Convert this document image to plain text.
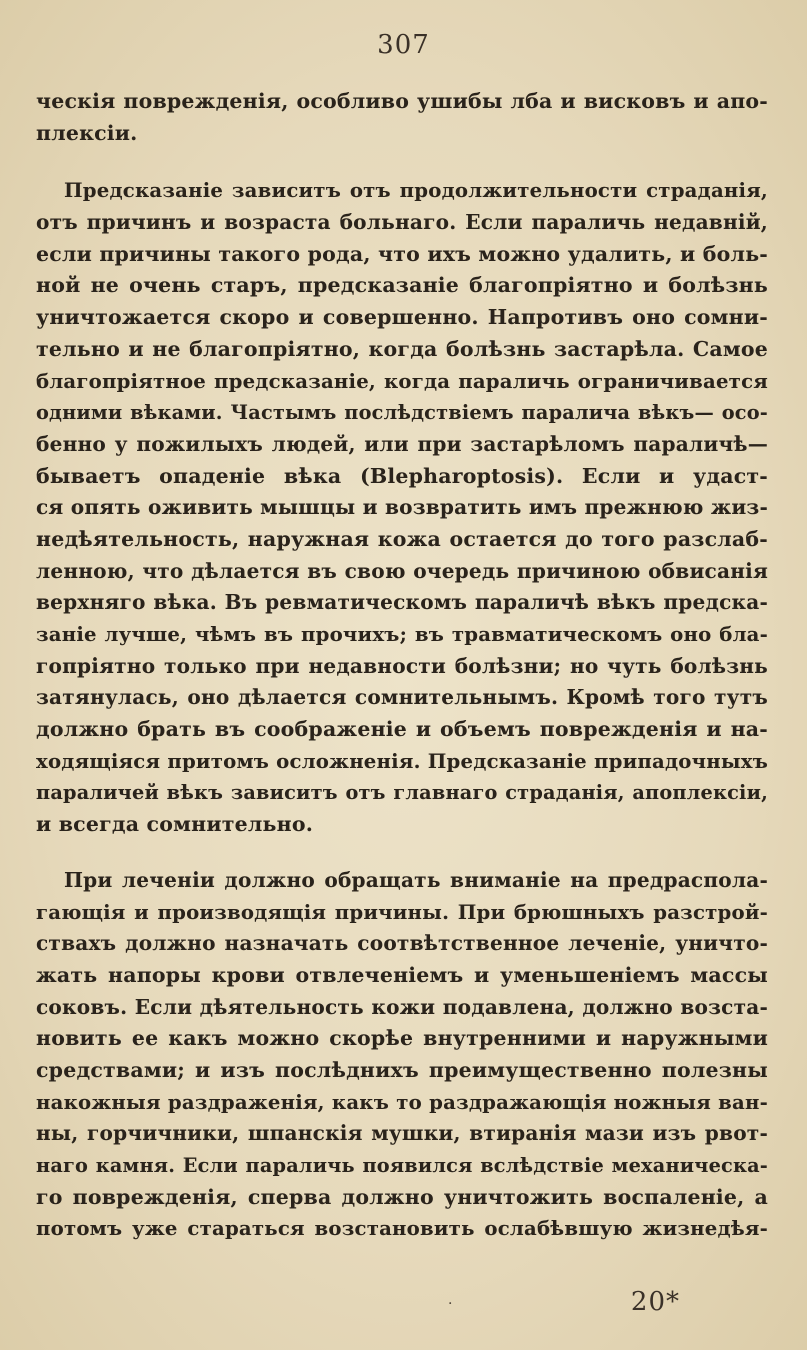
307
ческія поврежденія, особливо ушибы лба и висковъ и апо-
плексіи.
Предсказаніе зависитъ отъ продолжительности страданія,
отъ причинъ и возраста больнаго. Если параличь недавній,
если причины такого рода, что ихъ можно удалить, и боль-
ной не очень старъ, предсказаніе благопріятно и болѣзнь
уничтожается скоро и совершенно. Напротивъ оно сомни-
тельно и не благопріятно, когда болѣзнь застарѣла. Самое
благопріятное предсказаніе, когда параличь ограничивается
одними вѣками. Частымъ послѣдствіемъ паралича вѣкъ— осо-
бенно у пожилыхъ людей, или при застарѣломъ параличѣ—
бываетъ опаденіе вѣка (Blepharoptosis). Если и удаст-
ся опять оживить мышцы и возвратить имъ прежнюю жиз-
недѣятельность, наружная кожа остается до того разслаб-
ленною, что дѣлается въ свою очередь причиною обвисанія
верхняго вѣка. Въ ревматическомъ параличѣ вѣкъ предска-
заніе лучше, чѣмъ въ прочихъ; въ травматическомъ оно бла-
гопріятно только при недавности болѣзни; но чуть болѣзнь
затянулась, оно дѣлается сомнительнымъ. Кромѣ того тутъ
должно брать въ соображеніе и объемъ поврежденія и на-
ходящіяся притомъ осложненія. Предсказаніе припадочныхъ
параличей вѣкъ зависитъ отъ главнаго страданія, апоплексіи,
и всегда сомнительно.
При леченіи должно обращать вниманіе на предраспола-
гающія и производящія причины. При брюшныхъ разстрой-
ствахъ должно назначать соотвѣтственное леченіе, уничто-
жать напоры крови отвлеченіемъ и уменьшеніемъ массы
соковъ. Если дѣятельность кожи подавлена, должно возста-
новить ее какъ можно скорѣе внутренними и наружными
средствами; и изъ послѣднихъ преимущественно полезны
накожныя раздраженія, какъ то раздражающія ножныя ван-
ны, горчичники, шпанскія мушки, втиранія мази изъ рвот-
наго камня. Если параличь появился вслѣдствіе механическа-
го поврежденія, сперва должно уничтожить воспаленіе, а
потомъ уже стараться возстановить ослабѣвшую жизнедѣя-
·	20*
